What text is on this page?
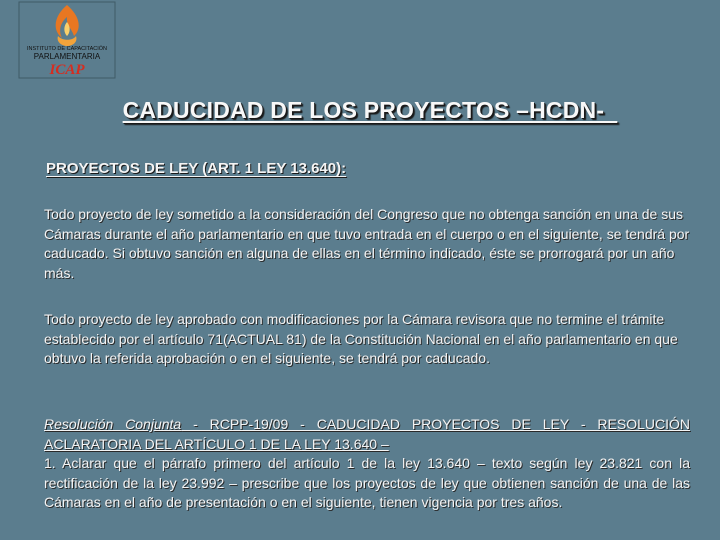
INSTITUTO DE CAPACITACIÓN
PARLAMENTARIA
ICAP
CADUCIDAD DE LOS PROYECTOS –HCDN-
PROYECTOS DE LEY (ART. 1 LEY 13.640):
Todo proyecto de ley sometido a la consideración del Congreso que no obtenga sanción en una de sus Cámaras durante el año parlamentario en que tuvo entrada en el cuerpo o en el siguiente, se tendrá por caducado. Si obtuvo sanción en alguna de ellas en el término indicado, éste se prorrogará por un año más.
Todo proyecto de ley aprobado con modificaciones por la Cámara revisora que no termine el trámite establecido por el artículo 71(ACTUAL 81) de la Constitución Nacional en el año parlamentario en que obtuvo la referida aprobación o en el siguiente, se tendrá por caducado.
Resolución Conjunta - RCPP-19/09 - CADUCIDAD PROYECTOS DE LEY - RESOLUCIÓN ACLARATORIA DEL ARTÍCULO 1 DE LA LEY 13.640 –
1. Aclarar que el párrafo primero del artículo 1 de la ley 13.640 – texto según ley 23.821 con la rectificación de la ley 23.992 – prescribe que los proyectos de ley que obtienen sanción de una de las Cámaras en el año de presentación o en el siguiente, tienen vigencia por tres años.
